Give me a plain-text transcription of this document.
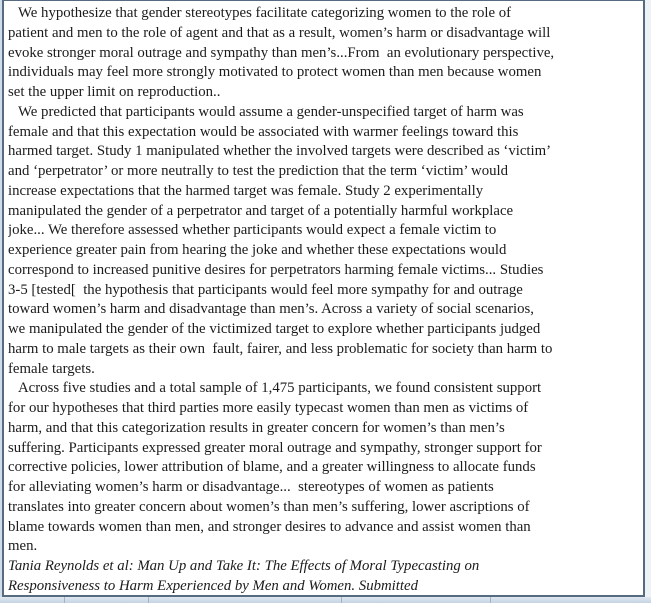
We hypothesize that gender stereotypes facilitate categorizing women to the role of
patient and men to the role of agent and that as a result, women’s harm or disadvantage will
evoke stronger moral outrage and sympathy than men’s...From  an evolutionary perspective,
individuals may feel more strongly motivated to protect women than men because women
set the upper limit on reproduction..
We predicted that participants would assume a gender-unspecified target of harm was
female and that this expectation would be associated with warmer feelings toward this
harmed target. Study 1 manipulated whether the involved targets were described as ‘victim’
and ‘perpetrator’ or more neutrally to test the prediction that the term ‘victim’ would
increase expectations that the harmed target was female. Study 2 experimentally
manipulated the gender of a perpetrator and target of a potentially harmful workplace
joke... We therefore assessed whether participants would expect a female victim to
experience greater pain from hearing the joke and whether these expectations would
correspond to increased punitive desires for perpetrators harming female victims... Studies
3-5 [tested[  the hypothesis that participants would feel more sympathy for and outrage
toward women’s harm and disadvantage than men’s. Across a variety of social scenarios,
we manipulated the gender of the victimized target to explore whether participants judged
harm to male targets as their own  fault, fairer, and less problematic for society than harm to
female targets.
Across five studies and a total sample of 1,475 participants, we found consistent support
for our hypotheses that third parties more easily typecast women than men as victims of
harm, and that this categorization results in greater concern for women’s than men’s
suffering. Participants expressed greater moral outrage and sympathy, stronger support for
corrective policies, lower attribution of blame, and a greater willingness to allocate funds
for alleviating women’s harm or disadvantage...  stereotypes of women as patients
translates into greater concern about women’s than men’s suffering, lower ascriptions of
blame towards women than men, and stronger desires to advance and assist women than
men.
Tania Reynolds et al: Man Up and Take It: The Effects of Moral Typecasting on
Responsiveness to Harm Experienced by Men and Women. Submitted
